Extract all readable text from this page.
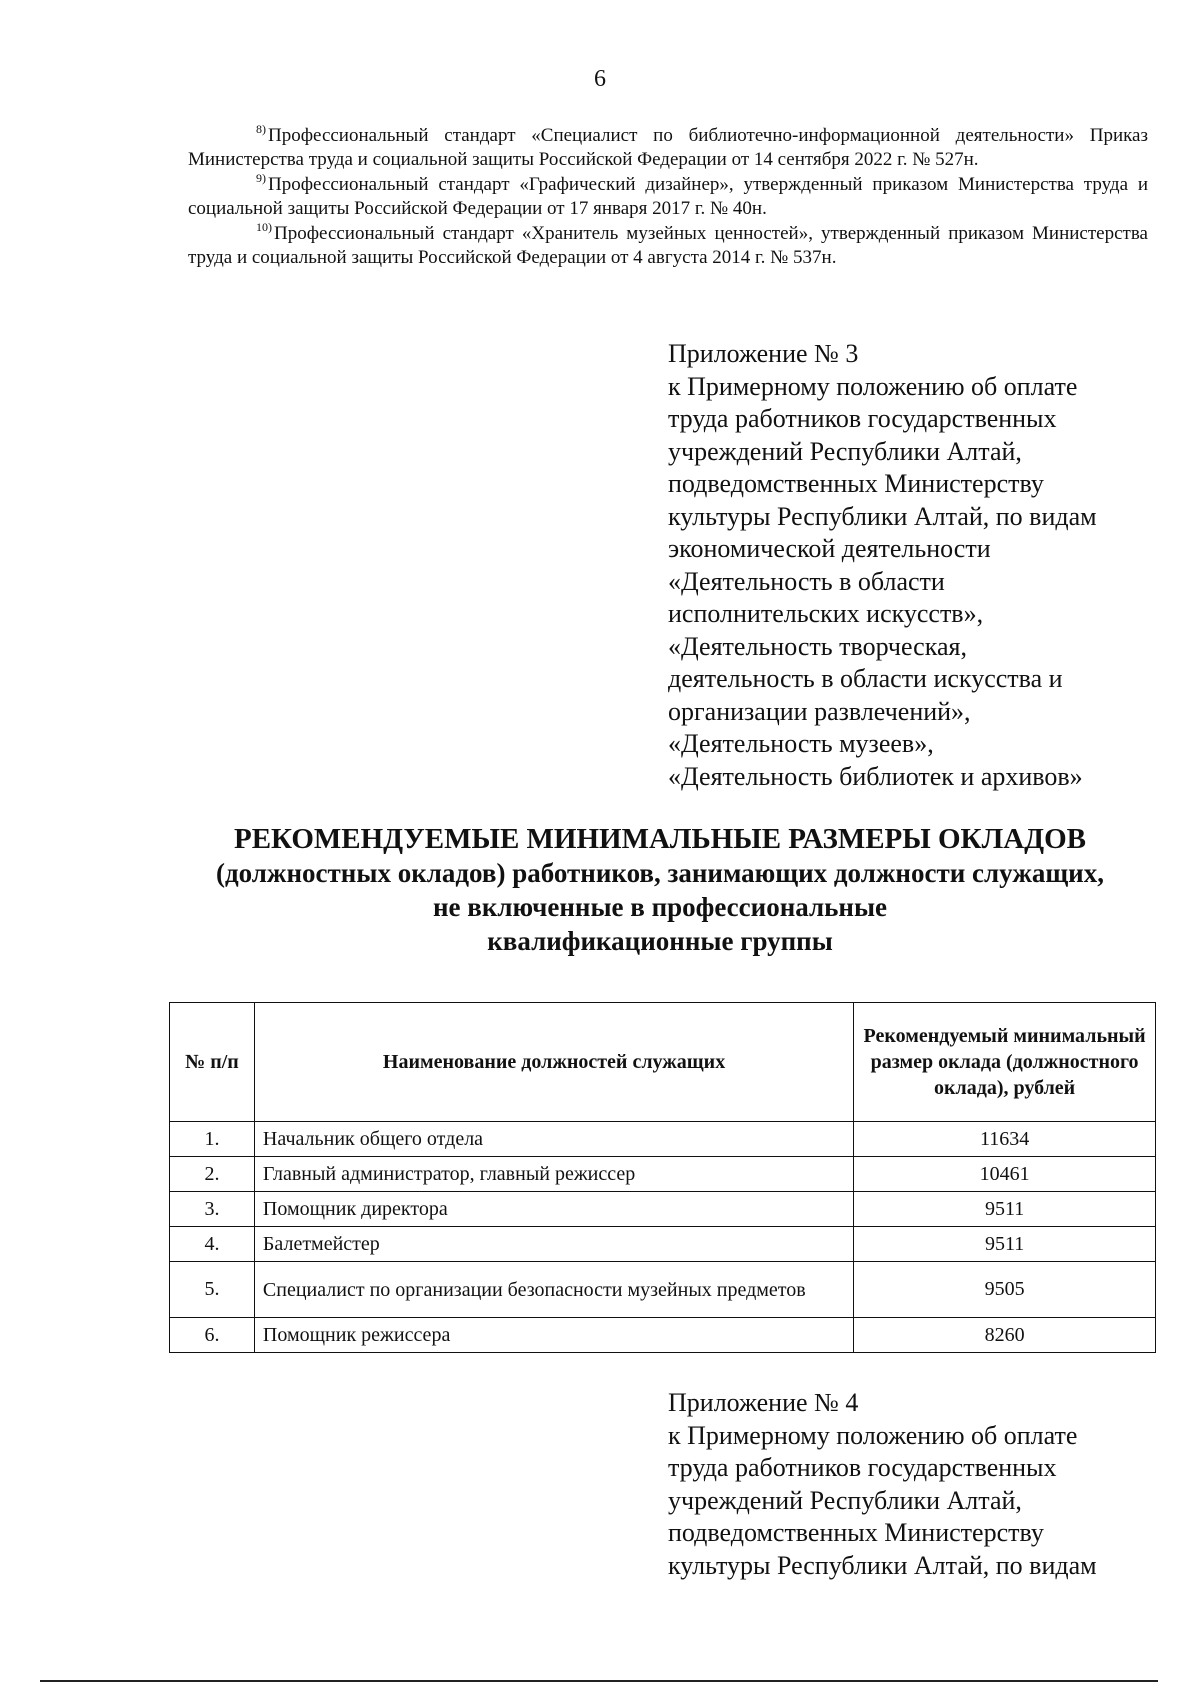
6

$^{8)}$ Профессиональный стандарт «Специалист по библиотечно-информационной деятельности» Приказ Министерства труда и социальной защиты Российской Федерации от 14 сентября 2022 г. № 527н.

$^{9)}$ Профессиональный стандарт «Графический дизайнер», утвержденный приказом Министерства труда и социальной защиты Российской Федерации от 17 января 2017 г. № 40н.

$^{10)}$ Профессиональный стандарт «Хранитель музейных ценностей», утвержденный приказом Министерства труда и социальной защиты Российской Федерации от 4 августа 2014 г. № 537н.

Приложение № 3
к Примерному положению об оплате
труда работников государственных
учреждений Республики Алтай,
подведомственных Министерству
культуры Республики Алтай, по видам
экономической деятельности
«Деятельность в области
исполнительских искусств»,
«Деятельность творческая,
деятельность в области искусства и
организации развлечений»,
«Деятельность музеев»,
«Деятельность библиотек и архивов»
РЕКОМЕНДУЕМЫЕ МИНИМАЛЬНЫЕ РАЗМЕРЫ ОКЛАДОВ
(должностных окладов) работников, занимающих должности служащих,
не включенные в профессиональные
квалификационные группы
№ п/п	Наименование должностей служащих	Рекомендуемый минимальный размер оклада (должностного оклада), рублей
1.	Начальник общего отдела	11634
2.	Главный администратор, главный режиссер	10461
3.	Помощник директора	9511
4.	Балетмейстер	9511
5.	Специалист по организации безопасности музейных предметов	9505
6.	Помощник режиссера	8260
Приложение № 4
к Примерному положению об оплате
труда работников государственных
учреждений Республики Алтай,
подведомственных Министерству
культуры Республики Алтай, по видам
